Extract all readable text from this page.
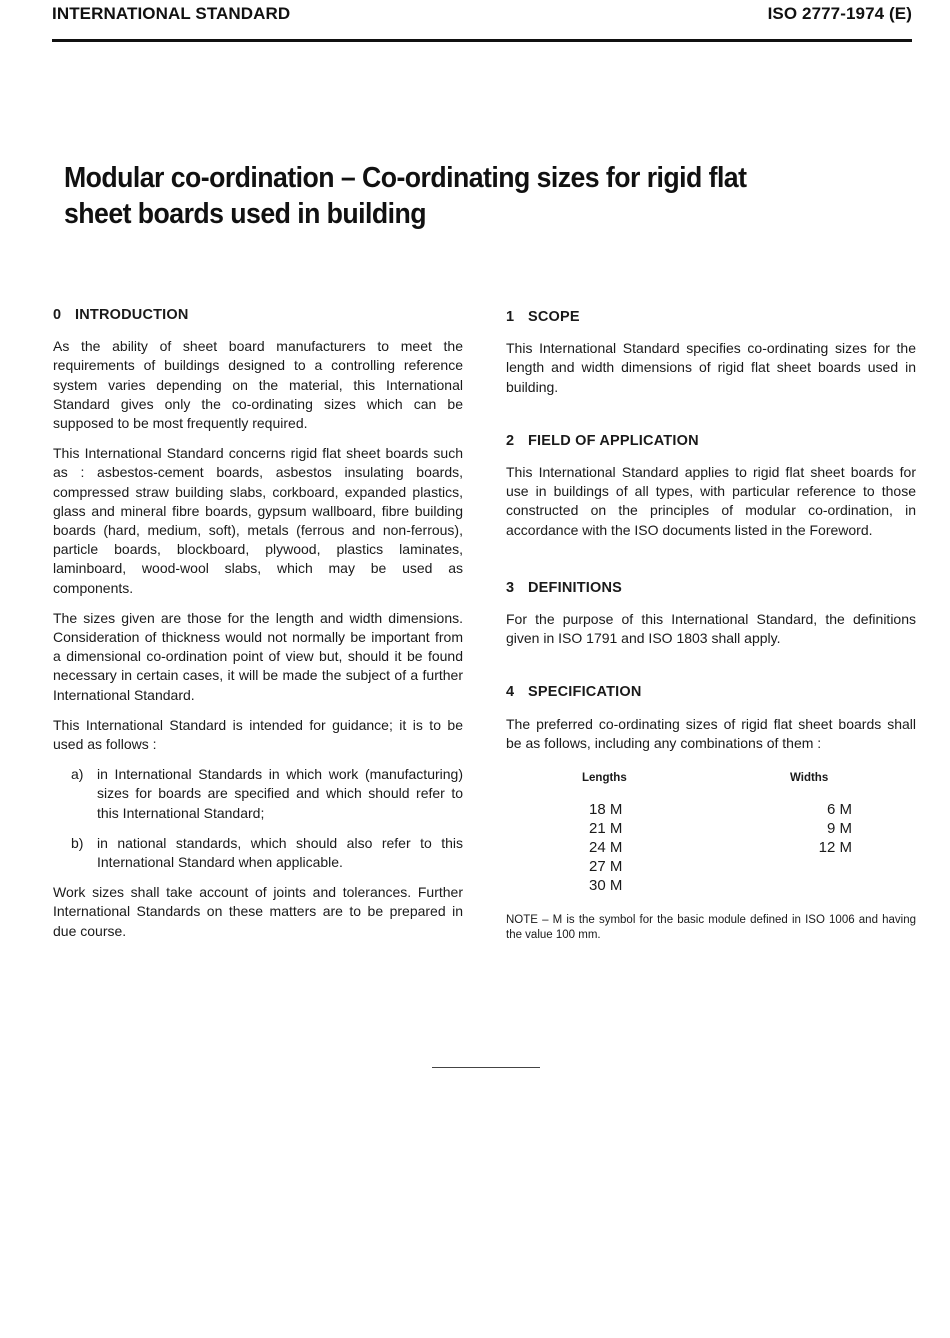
INTERNATIONAL STANDARD	ISO 2777-1974 (E)
Modular co-ordination – Co-ordinating sizes for rigid flat
sheet boards used in building
0 INTRODUCTION

As the ability of sheet board manufacturers to meet the requirements of buildings designed to a controlling reference system varies depending on the material, this International Standard gives only the co-ordinating sizes which can be supposed to be most frequently required.

This International Standard concerns rigid flat sheet boards such as : asbestos-cement boards, asbestos insulating boards, compressed straw building slabs, corkboard, expanded plastics, glass and mineral fibre boards, gypsum wallboard, fibre building boards (hard, medium, soft), metals (ferrous and non-ferrous), particle boards, blockboard, plywood, plastics laminates, laminboard, wood-wool slabs, which may be used as components.

The sizes given are those for the length and width dimensions. Consideration of thickness would not normally be important from a dimensional co-ordination point of view but, should it be found necessary in certain cases, it will be made the subject of a further International Standard.

This International Standard is intended for guidance; it is to be used as follows :

a) in International Standards in which work (manufacturing) sizes for boards are specified and which should refer to this International Standard;
b) in national standards, which should also refer to this International Standard when applicable.

Work sizes shall take account of joints and tolerances. Further International Standards on these matters are to be prepared in due course.

1 SCOPE

This International Standard specifies co-ordinating sizes for the length and width dimensions of rigid flat sheet boards used in building.

2 FIELD OF APPLICATION

This International Standard applies to rigid flat sheet boards for use in buildings of all types, with particular reference to those constructed on the principles of modular co-ordination, in accordance with the ISO documents listed in the Foreword.

3 DEFINITIONS

For the purpose of this International Standard, the definitions given in ISO 1791 and ISO 1803 shall apply.

4 SPECIFICATION

The preferred co-ordinating sizes of rigid flat sheet boards shall be as follows, including any combinations of them :

Lengths	Widths
18 M
21 M
24 M
27 M
30 M
6 M
9 M
12 M
NOTE – M is the symbol for the basic module defined in ISO 1006 and having the value 100 mm.
